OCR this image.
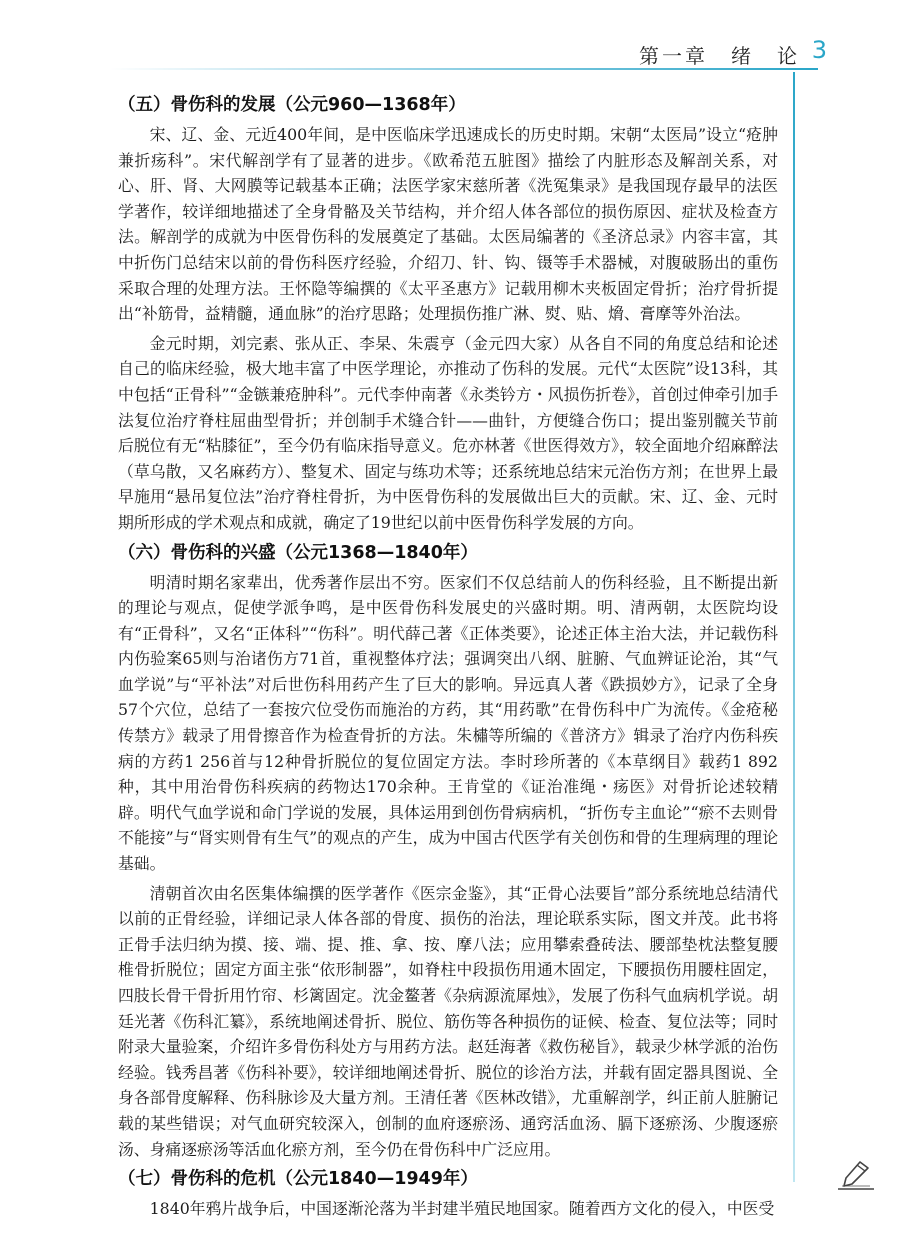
第一章　绪　论 3
（五）骨伤科的发展（公元960—1368年）

宋、辽、金、元近400年间，是中医临床学迅速成长的历史时期。宋朝“太医局”设立“疮肿兼折疡科”。宋代解剖学有了显著的进步。《欧希范五脏图》描绘了内脏形态及解剖关系，对心、肝、肾、大网膜等记载基本正确；法医学家宋慈所著《洗冤集录》是我国现存最早的法医学著作，较详细地描述了全身骨骼及关节结构，并介绍人体各部位的损伤原因、症状及检查方法。解剖学的成就为中医骨伤科的发展奠定了基础。太医局编著的《圣济总录》内容丰富，其中折伤门总结宋以前的骨伤科医疗经验，介绍刀、针、钩、镊等手术器械，对腹破肠出的重伤采取合理的处理方法。王怀隐等编撰的《太平圣惠方》记载用柳木夹板固定骨折；治疗骨折提出“补筋骨，益精髓，通血脉”的治疗思路；处理损伤推广淋、熨、贴、熁、膏摩等外治法。

金元时期，刘完素、张从正、李杲、朱震亨（金元四大家）从各自不同的角度总结和论述自己的临床经验，极大地丰富了中医学理论，亦推动了伤科的发展。元代“太医院”设13科，其中包括“正骨科”“金镞兼疮肿科”。元代李仲南著《永类钤方・风损伤折卷》，首创过伸牵引加手法复位治疗脊柱屈曲型骨折；并创制手术缝合针——曲针，方便缝合伤口；提出鉴别髋关节前后脱位有无“粘膝征”，至今仍有临床指导意义。危亦林著《世医得效方》，较全面地介绍麻醉法（草乌散，又名麻药方）、整复术、固定与练功术等；还系统地总结宋元治伤方剂；在世界上最早施用“悬吊复位法”治疗脊柱骨折，为中医骨伤科的发展做出巨大的贡献。宋、辽、金、元时期所形成的学术观点和成就，确定了19世纪以前中医骨伤科学发展的方向。

（六）骨伤科的兴盛（公元1368—1840年）

明清时期名家辈出，优秀著作层出不穷。医家们不仅总结前人的伤科经验，且不断提出新的理论与观点，促使学派争鸣，是中医骨伤科发展史的兴盛时期。明、清两朝，太医院均设有“正骨科”，又名“正体科”“伤科”。明代薛己著《正体类要》，论述正体主治大法，并记载伤科内伤验案65则与治诸伤方71首，重视整体疗法；强调突出八纲、脏腑、气血辨证论治，其“气血学说”与“平补法”对后世伤科用药产生了巨大的影响。异远真人著《跌损妙方》，记录了全身57个穴位，总结了一套按穴位受伤而施治的方药，其“用药歌”在骨伤科中广为流传。《金疮秘传禁方》载录了用骨擦音作为检查骨折的方法。朱橚等所编的《普济方》辑录了治疗内伤科疾病的方药1 256首与12种骨折脱位的复位固定方法。李时珍所著的《本草纲目》载药1 892种，其中用治骨伤科疾病的药物达170余种。王肯堂的《证治准绳・疡医》对骨折论述较精辟。明代气血学说和命门学说的发展，具体运用到创伤骨病病机，“折伤专主血论”“瘀不去则骨不能接”与“肾实则骨有生气”的观点的产生，成为中国古代医学有关创伤和骨的生理病理的理论基础。

清朝首次由名医集体编撰的医学著作《医宗金鉴》，其“正骨心法要旨”部分系统地总结清代以前的正骨经验，详细记录人体各部的骨度、损伤的治法，理论联系实际，图文并茂。此书将正骨手法归纳为摸、接、端、提、推、拿、按、摩八法；应用攀索叠砖法、腰部垫枕法整复腰椎骨折脱位；固定方面主张“依形制器”，如脊柱中段损伤用通木固定，下腰损伤用腰柱固定，四肢长骨干骨折用竹帘、杉篱固定。沈金鳌著《杂病源流犀烛》，发展了伤科气血病机学说。胡廷光著《伤科汇纂》，系统地阐述骨折、脱位、筋伤等各种损伤的证候、检查、复位法等；同时附录大量验案，介绍许多骨伤科处方与用药方法。赵廷海著《救伤秘旨》，载录少林学派的治伤经验。钱秀昌著《伤科补要》，较详细地阐述骨折、脱位的诊治方法，并载有固定器具图说、全身各部骨度解释、伤科脉诊及大量方剂。王清任著《医林改错》，尤重解剖学，纠正前人脏腑记载的某些错误；对气血研究较深入，创制的血府逐瘀汤、通窍活血汤、膈下逐瘀汤、少腹逐瘀汤、身痛逐瘀汤等活血化瘀方剂，至今仍在骨伤科中广泛应用。

（七）骨伤科的危机（公元1840—1949年）

1840年鸦片战争后，中国逐渐沦落为半封建半殖民地国家。随着西方文化的侵入，中医受
